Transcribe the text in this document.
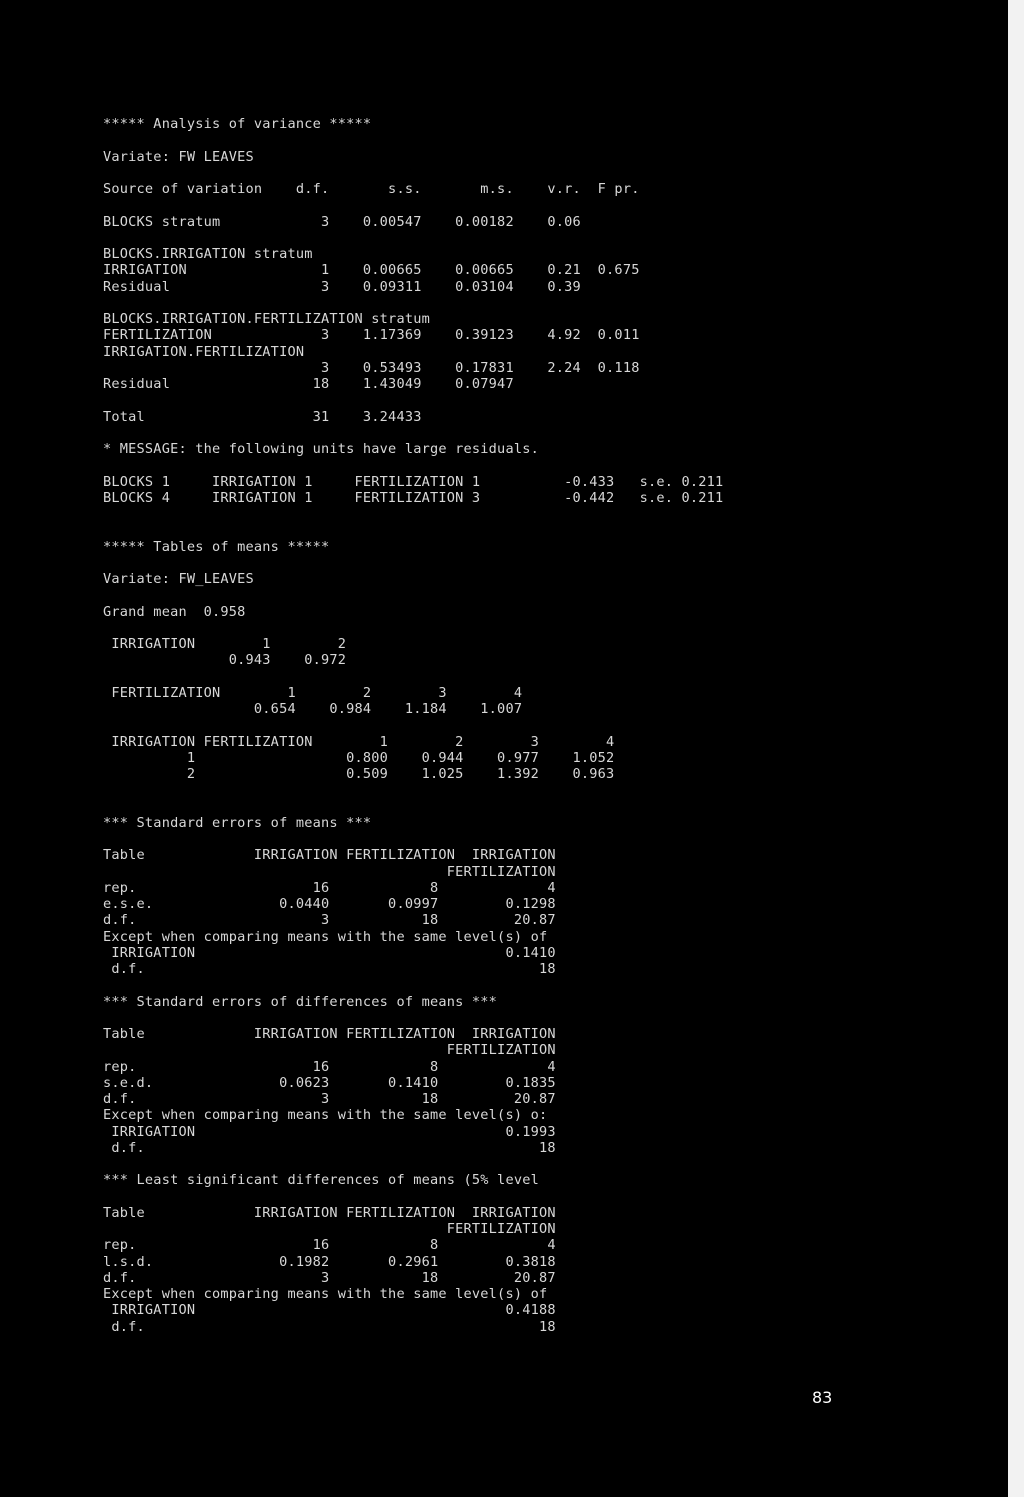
***** Analysis of variance *****

Variate: FW LEAVES

Source of variation    d.f.       s.s.       m.s.    v.r.  F pr.

BLOCKS stratum            3    0.00547    0.00182    0.06

BLOCKS.IRRIGATION stratum
IRRIGATION                1    0.00665    0.00665    0.21  0.675
Residual                  3    0.09311    0.03104    0.39

BLOCKS.IRRIGATION.FERTILIZATION stratum
FERTILIZATION             3    1.17369    0.39123    4.92  0.011
IRRIGATION.FERTILIZATION
3    0.53493    0.17831    2.24  0.118
Residual                 18    1.43049    0.07947

Total                    31    3.24433

* MESSAGE: the following units have large residuals.

BLOCKS 1     IRRIGATION 1     FERTILIZATION 1          -0.433   s.e. 0.211
BLOCKS 4     IRRIGATION 1     FERTILIZATION 3          -0.442   s.e. 0.211

***** Tables of means *****

Variate: FW_LEAVES

Grand mean  0.958

IRRIGATION        1        2
0.943    0.972

FERTILIZATION        1        2        3        4
0.654    0.984    1.184    1.007

IRRIGATION FERTILIZATION        1        2        3        4
1                  0.800    0.944    0.977    1.052
2                  0.509    1.025    1.392    0.963

*** Standard errors of means ***

Table             IRRIGATION FERTILIZATION  IRRIGATION
FERTILIZATION
rep.                     16            8             4
e.s.e.               0.0440       0.0997        0.1298
d.f.                      3           18         20.87
Except when comparing means with the same level(s) of
IRRIGATION                                     0.1410
d.f.                                               18

*** Standard errors of differences of means ***

Table             IRRIGATION FERTILIZATION  IRRIGATION
FERTILIZATION
rep.                     16            8             4
s.e.d.               0.0623       0.1410        0.1835
d.f.                      3           18         20.87
Except when comparing means with the same level(s) o:
IRRIGATION                                     0.1993
d.f.                                               18

*** Least significant differences of means (5% level

Table             IRRIGATION FERTILIZATION  IRRIGATION
FERTILIZATION
rep.                     16            8             4
l.s.d.               0.1982       0.2961        0.3818
d.f.                      3           18         20.87
Except when comparing means with the same level(s) of
IRRIGATION                                     0.4188
d.f.                                               18
83
